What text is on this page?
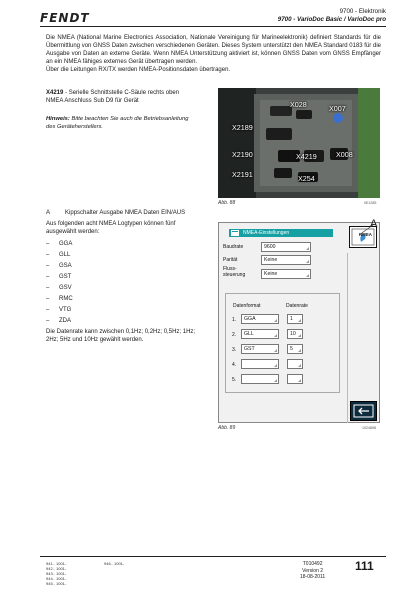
FENDT	9700 - Elektronik
9700 - VarioDoc Basic / VarioDoc pro

Die NMEA (National Marine Electronics Association, Nationale Vereinigung für Marineelektronik) definiert Standards für die Übermittlung von GNSS Daten zwischen verschiedenen Geräten. Dieses System unterstützt den NMEA Standard 0183 für die Ausgabe von Daten an externe Geräte. Wenn NMEA Unterstützung aktiviert ist, können GNSS Daten vom GNSS Empfänger an ein NMEA fähiges externes Gerät übertragen werden.

Über die Leitungen RX/TX werden NMEA-Positionsdaten übertragen.

X4219 - Serielle Schnittstelle C-Säule rechts oben NMEA Anschluss Sub D9 für Gerät
Hinweis: Bitte beachten Sie auch die Betriebsanleitung des Geräteherstellers.
X028	X007
X2189
X2190	X4219	X008
X2191	X254
Abb. 88	0E1285
A	Kippschalter Ausgabe NMEA Daten EIN/AUS

Aus folgenden acht NMEA Logtypen können fünf ausgewählt werden:

– GGA
– GLL
– GSA
– GST
– GSV
– RMC
– VTG
– ZDA

Die Datenrate kann zwischen 0,1Hz; 0,2Hz; 0,5Hz; 1Hz; 2Hz; 5Hz und 10Hz gewählt werden.

NMEA-Einstellungen	NMEA
A
Baudrate	9600
Parität	Keine
Fluss-
steuerung	Keine
Datenformat	Datenrate
1.	GGA	1
2.	GLL	10
3.	GST	5
4.
5.
Abb. 89	1024898
941.. 1001-
942.. 1001-
943.. 1001-
944.. 1001-
945.. 1001-
946.. 1001-	T010492
Version 2
18-08-2011
111
